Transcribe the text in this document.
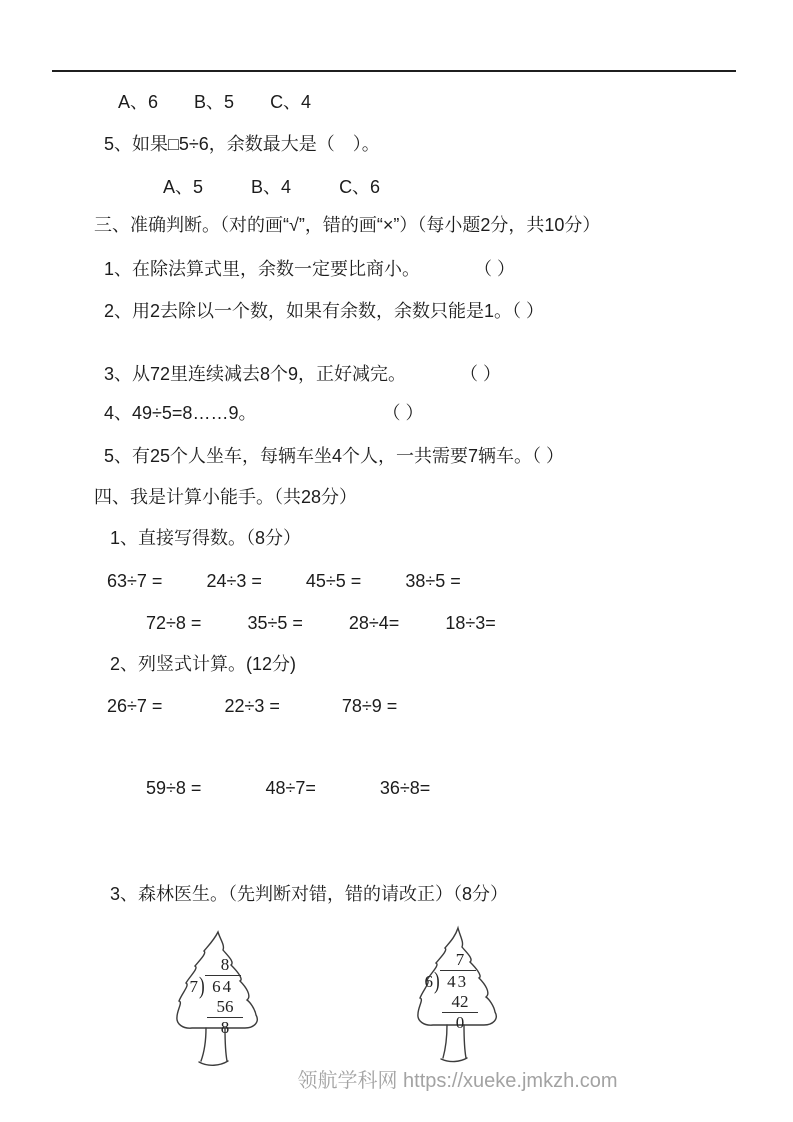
A、6 B、5 C、4
5、如果□5÷6，余数最大是（　）。
A、5	B、4	C、6
三、准确判断。（对的画“√”，错的画“×”）（每小题2分，共10分）
1、在除法算式里，余数一定要比商小。　　　　（ ）
2、用2去除以一个数，如果有余数，余数只能是1。（ ）
3、从72里连续减去8个9，正好减完。　　　　（ ）
4、49÷5=8……9。　　　　　　　　（ ）
5、有25个人坐车，每辆车坐4个人，一共需要7辆车。（ ）
四、我是计算小能手。（共28分）
1、直接写得数。（8分）
63÷7 = 24÷3 = 45÷5 = 38÷5 =
72÷8 =	35÷5 =	28÷4=	18÷3=
2、列竖式计算。(12分)
26÷7 =	22÷3 =	78÷9 =
59÷8 =	48÷7=	36÷8=
3、森林医生。（先判断对错，错的请改正）（8分）
8
7) 64
56
8
7
6) 43
42
0
领航学科网 https://xueke.jmkzh.com
